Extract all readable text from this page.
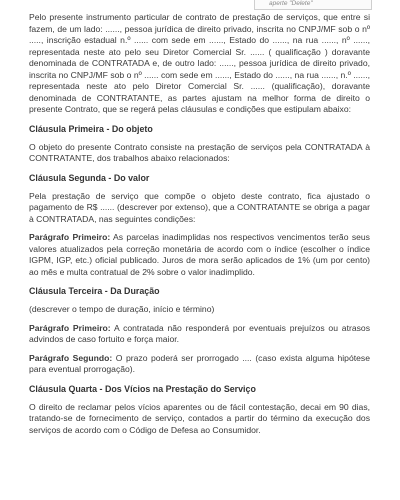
aperte "Delete"

Pelo presente instrumento particular de contrato de prestação de serviços, que entre si fazem, de um lado: ......, pessoa jurídica de direito privado, inscrita no CNPJ/MF sob o nº ....., inscrição estadual n.º ...... com sede em ......, Estado do ......, na rua ......, nº ......, representada neste ato pelo seu Diretor Comercial Sr. ...... ( qualificação ) doravante denominada de CONTRATADA e, de outro lado: ......, pessoa jurídica de direito privado, inscrita no CNPJ/MF sob o nº ...... com sede em ......, Estado do ......, na rua ......, n.º ......, representada neste ato pelo Diretor Comercial Sr. ...... (qualificação), doravante denominada de CONTRATANTE, as partes ajustam na melhor forma de direito o presente Contrato, que se regerá pelas cláusulas e condições que estipulam abaixo:

Cláusula Primeira - Do objeto

O objeto do presente Contrato consiste na prestação de serviços pela CONTRATADA à CONTRATANTE, dos trabalhos abaixo relacionados:

Cláusula Segunda - Do valor

Pela prestação de serviço que compõe o objeto deste contrato, fica ajustado o pagamento de R$ ...... (descrever por extenso), que a CONTRATANTE se obriga a pagar à CONTRATADA, nas seguintes condições:

Parágrafo Primeiro: As parcelas inadimplidas nos respectivos vencimentos terão seus valores atualizados pela correção monetária de acordo com o índice (escolher o índice IGPM, IGP, etc.) oficial publicado. Juros de mora serão aplicados de 1% (um por cento) ao mês e multa contratual de 2% sobre o valor inadimplido.

Cláusula Terceira - Da Duração

(descrever o tempo de duração, início e término)

Parágrafo Primeiro: A contratada não responderá por eventuais prejuízos ou atrasos advindos de caso fortuito e força maior.

Parágrafo Segundo: O prazo poderá ser prorrogado .... (caso exista alguma hipótese para eventual prorrogação).

Cláusula Quarta - Dos Vícios na Prestação do Serviço

O direito de reclamar pelos vícios aparentes ou de fácil contestação, decai em 90 dias, tratando-se de fornecimento de serviço, contados a partir do término da execução dos serviços de acordo com o Código de Defesa ao Consumidor.
